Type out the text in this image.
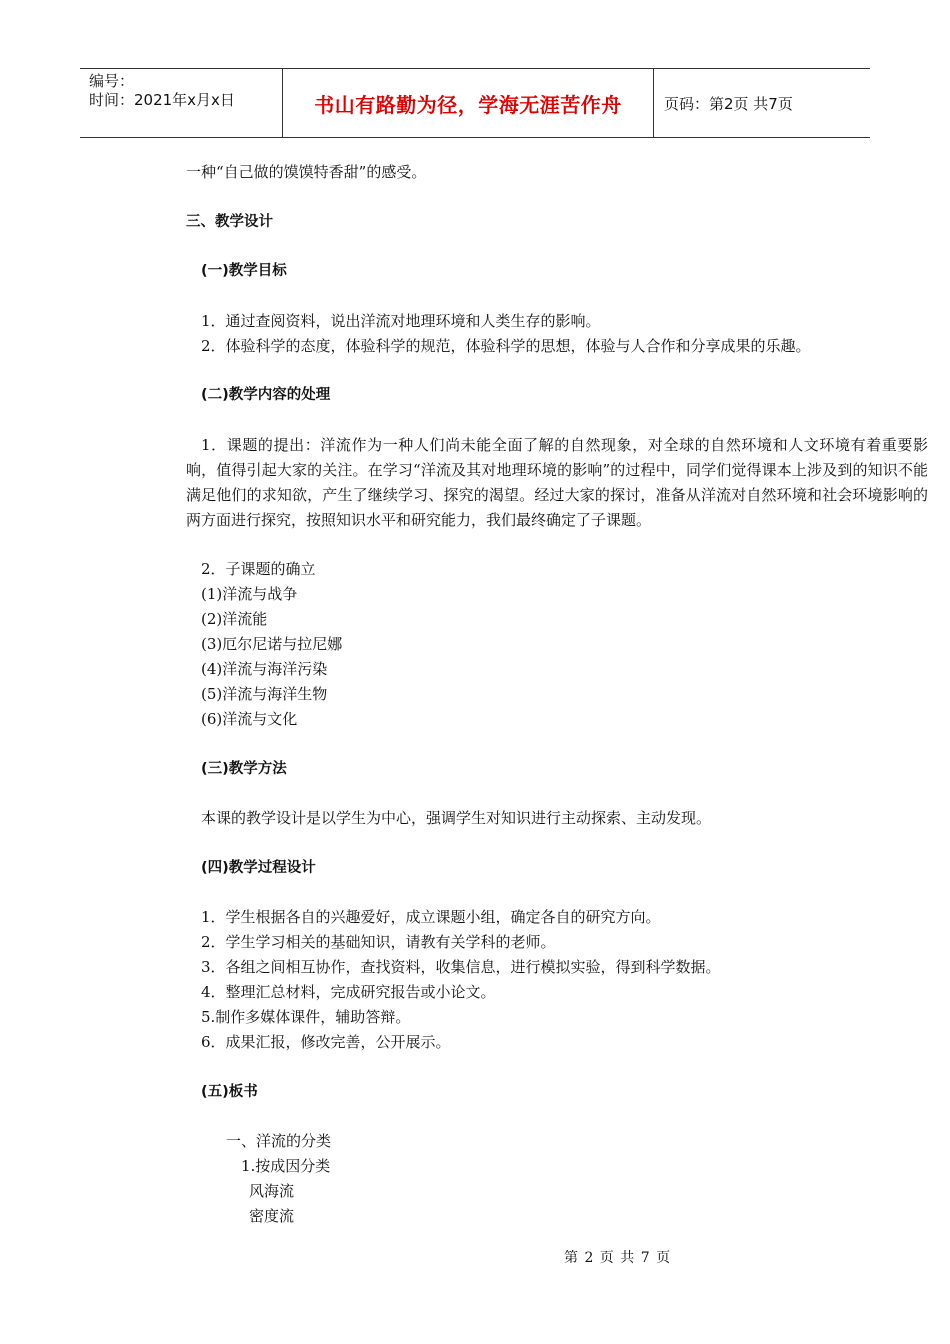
编号：
时间：2021年x月x日	书山有路勤为径，学海无涯苦作舟	页码：第2页 共7页
一种“自己做的馍馍特香甜”的感受。
三、教学设计
(一)教学目标
1．通过查阅资料，说出洋流对地理环境和人类生存的影响。
2．体验科学的态度，体验科学的规范，体验科学的思想，体验与人合作和分享成果的乐趣。
(二)教学内容的处理
1．课题的提出：洋流作为一种人们尚未能全面了解的自然现象，对全球的自然环境和人文环境有着重要影响，值得引起大家的关注。在学习“洋流及其对地理环境的影响”的过程中，同学们觉得课本上涉及到的知识不能满足他们的求知欲，产生了继续学习、探究的渴望。经过大家的探讨，准备从洋流对自然环境和社会环境影响的两方面进行探究，按照知识水平和研究能力，我们最终确定了子课题。
2．子课题的确立
(1)洋流与战争
(2)洋流能
(3)厄尔尼诺与拉尼娜
(4)洋流与海洋污染
(5)洋流与海洋生物
(6)洋流与文化
(三)教学方法
本课的教学设计是以学生为中心，强调学生对知识进行主动探索、主动发现。
(四)教学过程设计
1．学生根据各自的兴趣爱好，成立课题小组，确定各自的研究方向。
2．学生学习相关的基础知识，请教有关学科的老师。
3．各组之间相互协作，查找资料，收集信息，进行模拟实验，得到科学数据。
4．整理汇总材料，完成研究报告或小论文。
5.制作多媒体课件，辅助答辩。
6．成果汇报，修改完善，公开展示。
(五)板书
一、洋流的分类
1.按成因分类
风海流
密度流
第 2 页 共 7 页
